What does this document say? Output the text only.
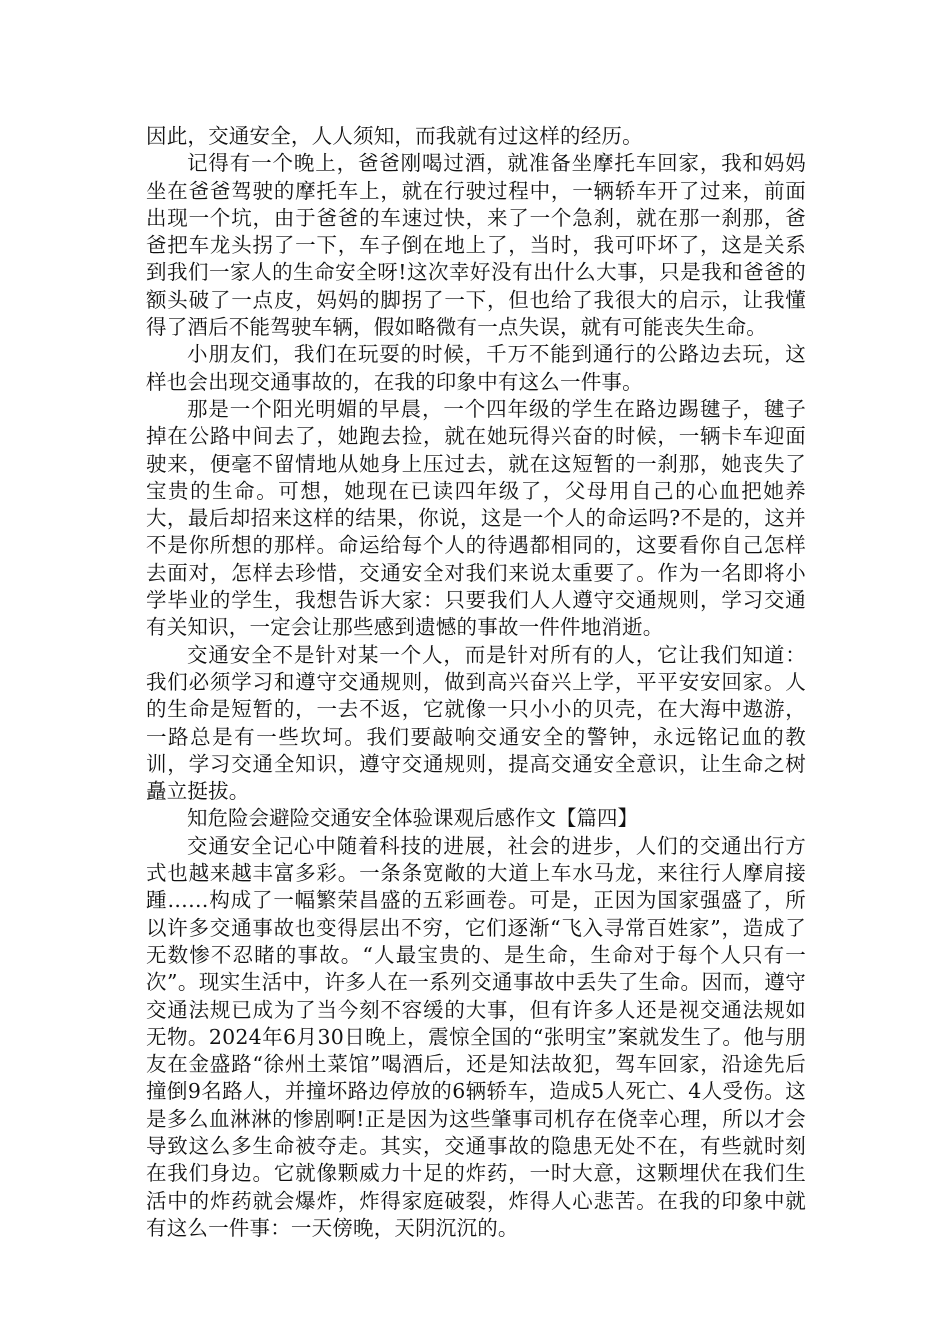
因此，交通安全，人人须知，而我就有过这样的经历。

记得有一个晚上，爸爸刚喝过酒，就准备坐摩托车回家，我和妈妈坐在爸爸驾驶的摩托车上，就在行驶过程中，一辆轿车开了过来，前面出现一个坑，由于爸爸的车速过快，来了一个急刹，就在那一刹那，爸爸把车龙头拐了一下，车子倒在地上了，当时，我可吓坏了，这是关系到我们一家人的生命安全呀!这次幸好没有出什么大事，只是我和爸爸的额头破了一点皮，妈妈的脚拐了一下，但也给了我很大的启示，让我懂得了酒后不能驾驶车辆，假如略微有一点失误，就有可能丧失生命。

小朋友们，我们在玩耍的时候，千万不能到通行的公路边去玩，这样也会出现交通事故的，在我的印象中有这么一件事。

那是一个阳光明媚的早晨，一个四年级的学生在路边踢毽子，毽子掉在公路中间去了，她跑去捡，就在她玩得兴奋的时候，一辆卡车迎面驶来，便毫不留情地从她身上压过去，就在这短暂的一刹那，她丧失了宝贵的生命。可想，她现在已读四年级了，父母用自己的心血把她养大，最后却招来这样的结果，你说，这是一个人的命运吗?不是的，这并不是你所想的那样。命运给每个人的待遇都相同的，这要看你自己怎样去面对，怎样去珍惜，交通安全对我们来说太重要了。作为一名即将小学毕业的学生，我想告诉大家：只要我们人人遵守交通规则，学习交通有关知识，一定会让那些感到遗憾的事故一件件地消逝。

交通安全不是针对某一个人，而是针对所有的人，它让我们知道：我们必须学习和遵守交通规则，做到高兴奋兴上学，平平安安回家。人的生命是短暂的，一去不返，它就像一只小小的贝壳，在大海中遨游，一路总是有一些坎坷。我们要敲响交通安全的警钟，永远铭记血的教训，学习交通全知识，遵守交通规则，提高交通安全意识，让生命之树矗立挺拔。

知危险会避险交通安全体验课观后感作文【篇四】

交通安全记心中随着科技的进展，社会的进步，人们的交通出行方式也越来越丰富多彩。一条条宽敞的大道上车水马龙，来往行人摩肩接踵……构成了一幅繁荣昌盛的五彩画卷。可是，正因为国家强盛了，所以许多交通事故也变得层出不穷，它们逐渐“飞入寻常百姓家”，造成了无数惨不忍睹的事故。“人最宝贵的、是生命，生命对于每个人只有一次”。现实生活中，许多人在一系列交通事故中丢失了生命。因而，遵守交通法规已成为了当今刻不容缓的大事，但有许多人还是视交通法规如无物。2024年6月30日晚上，震惊全国的“张明宝”案就发生了。他与朋友在金盛路“徐州土菜馆”喝酒后，还是知法故犯，驾车回家，沿途先后撞倒9名路人，并撞坏路边停放的6辆轿车，造成5人死亡、4人受伤。这是多么血淋淋的惨剧啊!正是因为这些肇事司机存在侥幸心理，所以才会导致这么多生命被夺走。其实，交通事故的隐患无处不在，有些就时刻在我们身边。它就像颗威力十足的炸药，一时大意，这颗埋伏在我们生活中的炸药就会爆炸，炸得家庭破裂，炸得人心悲苦。在我的印象中就有这么一件事：一天傍晚，天阴沉沉的。
